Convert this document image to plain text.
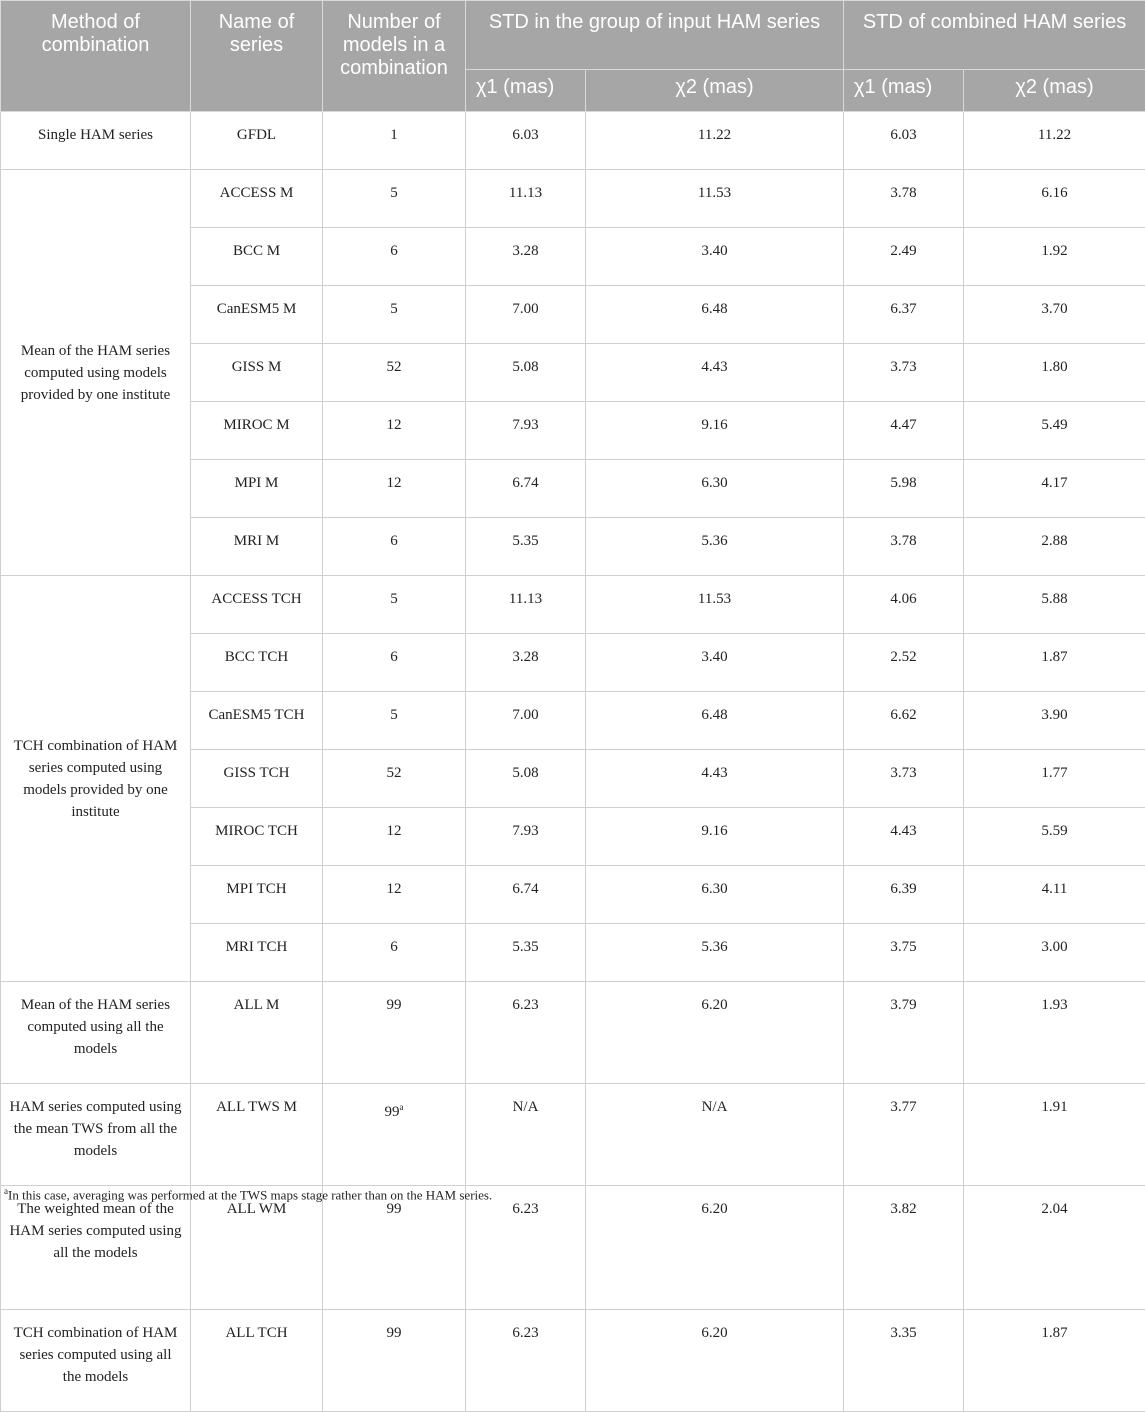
Method of combination	Name of series	Number of models in a combination	STD in the group of input HAM series		STD of combined HAM series	
			χ1 (mas)	χ2 (mas)	χ1 (mas)	χ2 (mas)
Single HAM series	GFDL	1	6.03	11.22	6.03	11.22
Mean of the HAM series computed using models provided by one institute	ACCESS M	5	11.13	11.53	3.78	6.16
	BCC M	6	3.28	3.40	2.49	1.92
	CanESM5 M	5	7.00	6.48	6.37	3.70
	GISS M	52	5.08	4.43	3.73	1.80
	MIROC M	12	7.93	9.16	4.47	5.49
	MPI M	12	6.74	6.30	5.98	4.17
	MRI M	6	5.35	5.36	3.78	2.88
TCH combination of HAM series computed using models provided by one institute	ACCESS TCH	5	11.13	11.53	4.06	5.88
	BCC TCH	6	3.28	3.40	2.52	1.87
	CanESM5 TCH	5	7.00	6.48	6.62	3.90
	GISS TCH	52	5.08	4.43	3.73	1.77
	MIROC TCH	12	7.93	9.16	4.43	5.59
	MPI TCH	12	6.74	6.30	6.39	4.11
	MRI TCH	6	5.35	5.36	3.75	3.00
Mean of the HAM series computed using all the models	ALL M	99	6.23	6.20	3.79	1.93
HAM series computed using the mean TWS from all the models	ALL TWS M	99$^a$	N/A	N/A	3.77	1.91
The weighted mean of the HAM series computed using all the models	ALL WM	99	6.23	6.20	3.82	2.04
TCH combination of HAM series computed using all the models	ALL TCH	99	6.23	6.20	3.35	1.87
$^a$In this case, averaging was performed at the TWS maps stage rather than on the HAM series.
